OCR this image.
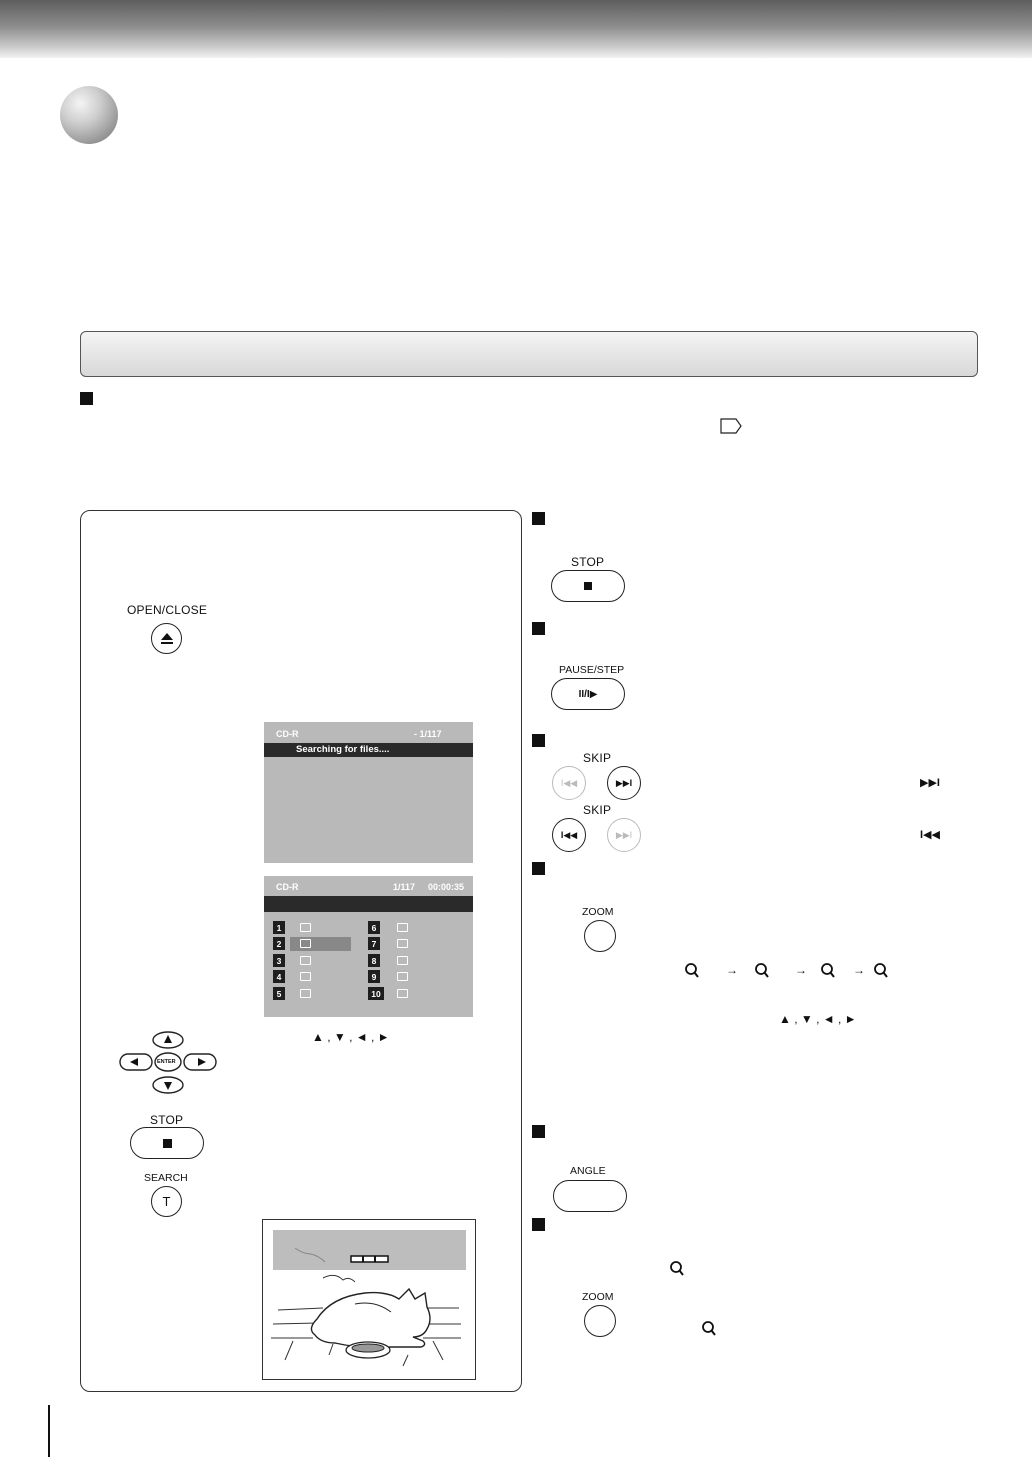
OPEN/CLOSE
CD-R	- 1/117
Searching for files....
CD-R	1/117 00:00:35
1
2
3
4
5
6
7
8
9
10
▲ , ▼ , ◄ , ►
ENTER
STOP
SEARCH
T
STOP
PAUSE/STEP
II/I▶
SKIP
I◀◀	▶▶I	▶▶I
SKIP
I◀◀	▶▶I	I◀◀
ZOOM
→	→	→
▲ , ▼ , ◄ , ►
ANGLE
ZOOM
